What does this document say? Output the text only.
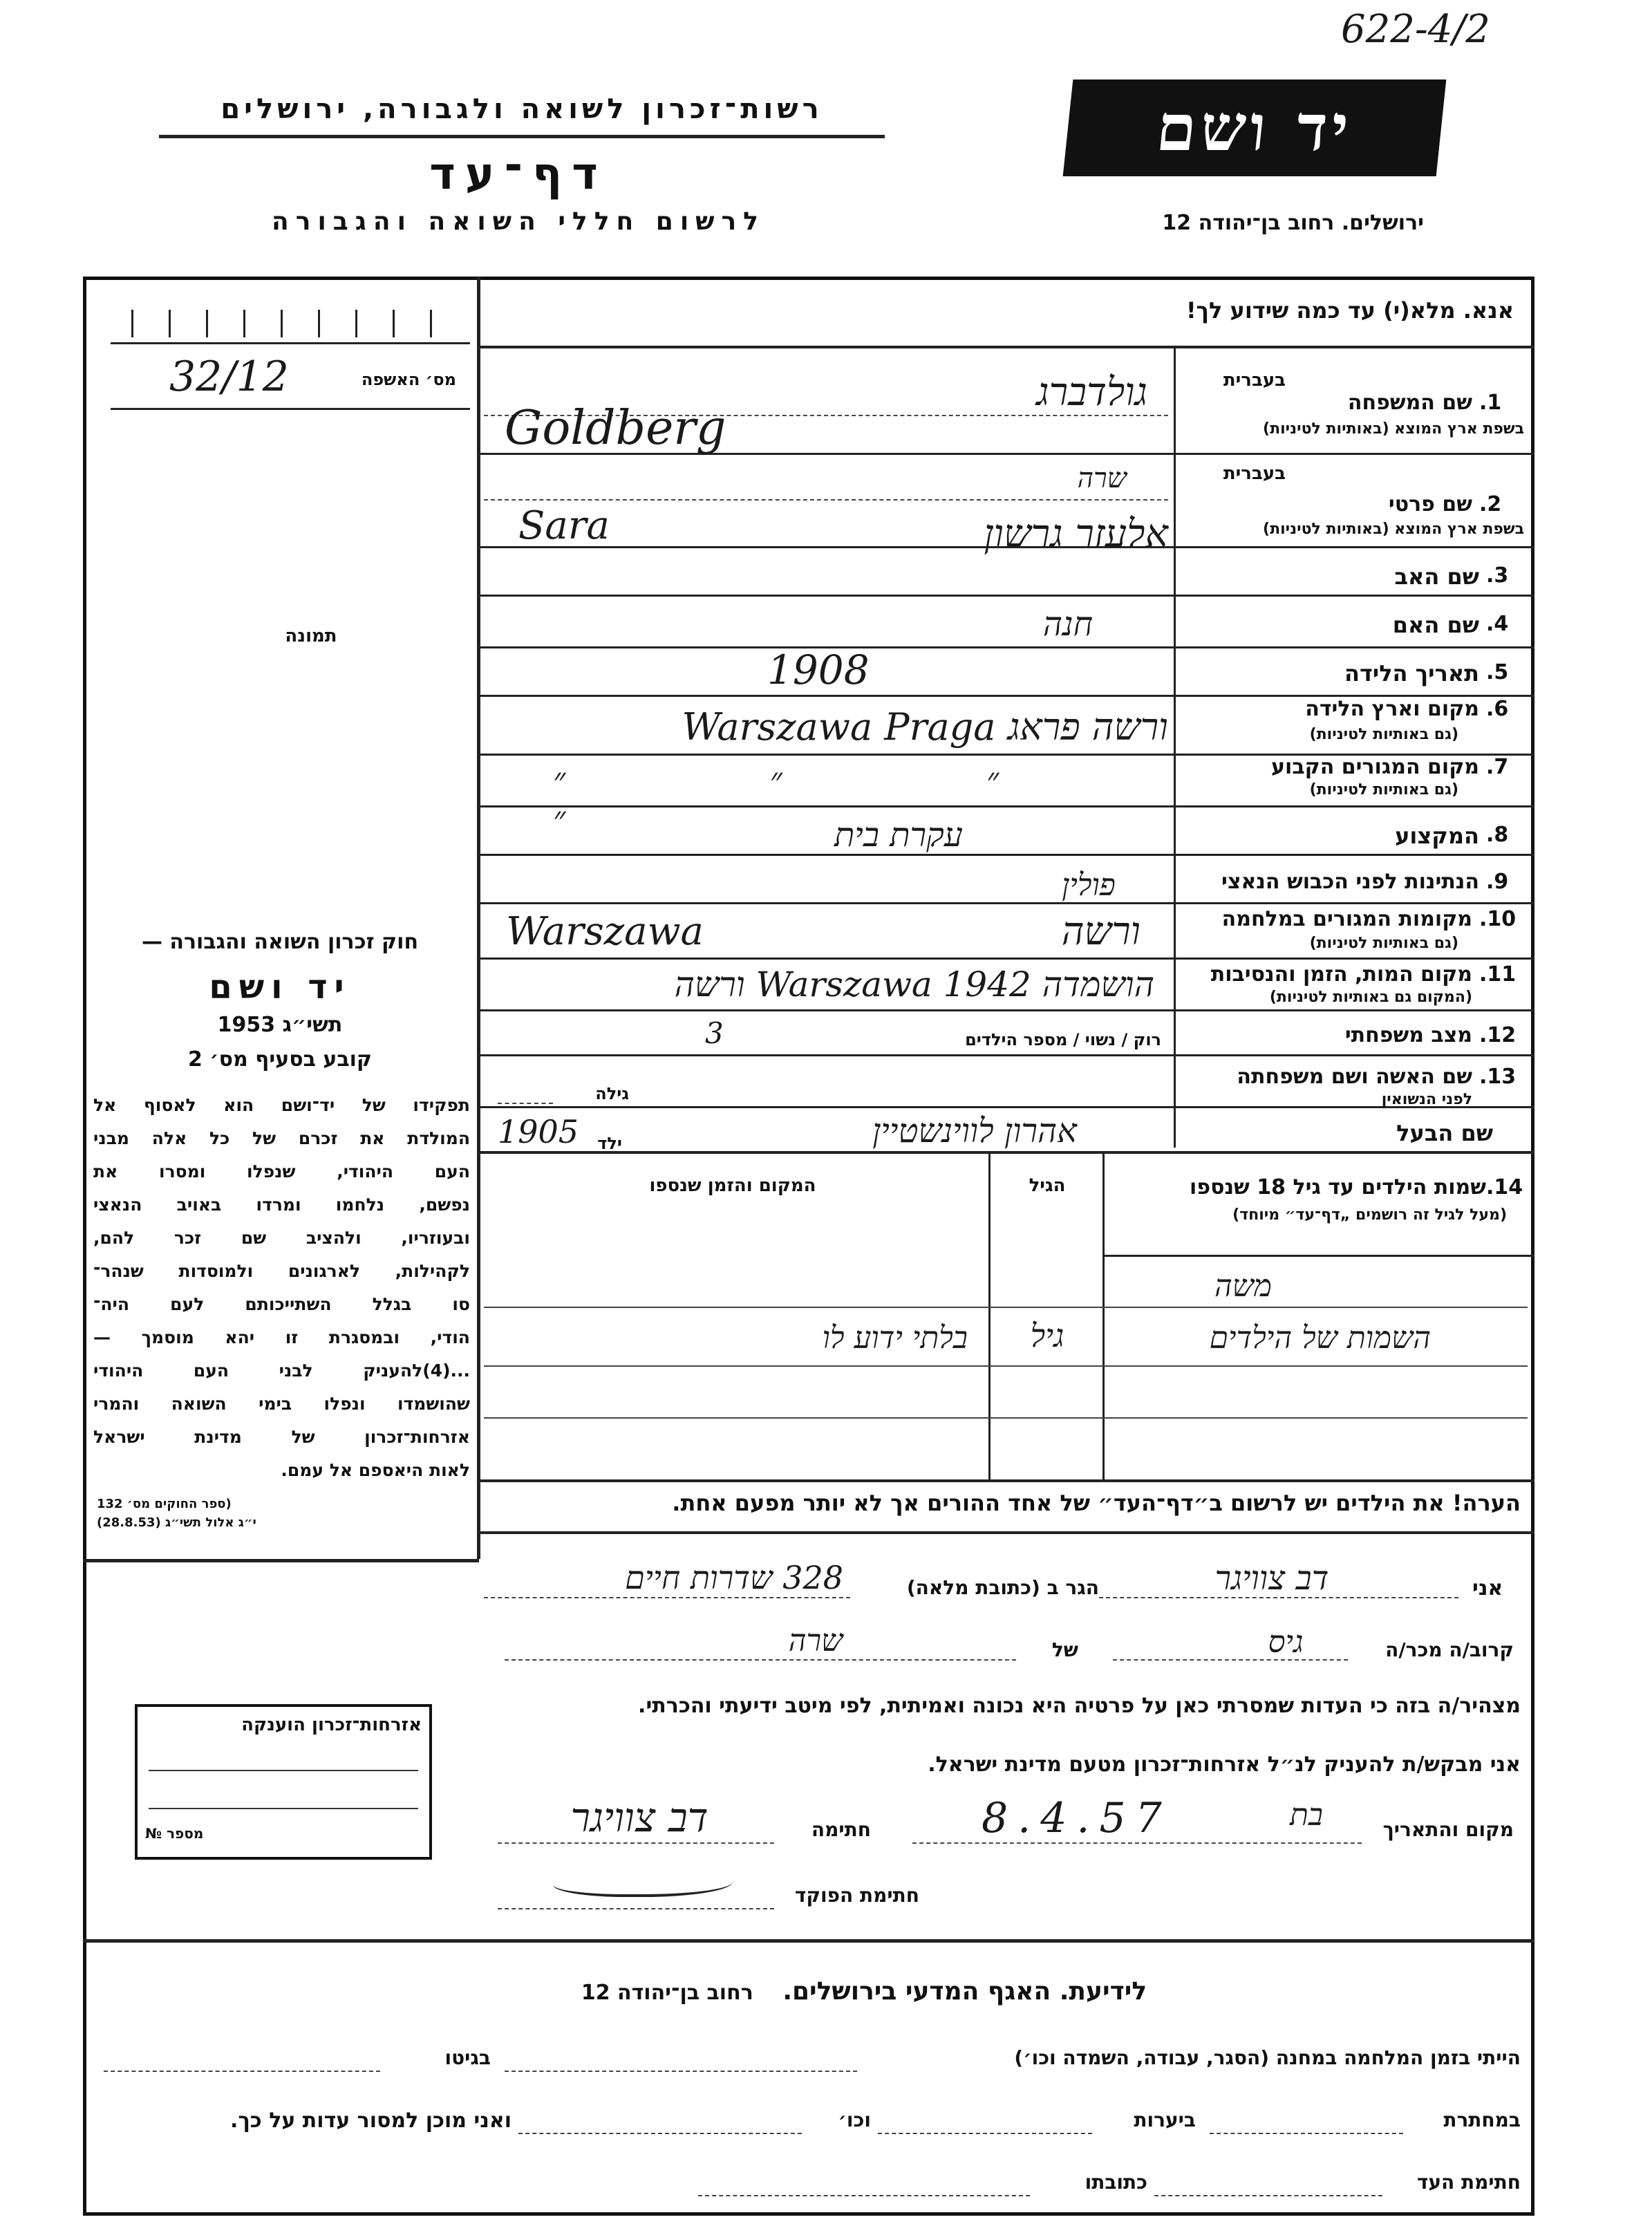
622-4/2
רשות־זכרון לשואה ולגבורה, ירושלים
דף־עד
לרשום חללי השואה והגבורה
יד ושם
ירושלים. רחוב בן־יהודה 12
אנא. מלא(י) עד כמה שידוע לך!
מס׳ האשפה
32/12
תמונה
בעברית
1.
שם המשפחה
בשפת ארץ המוצא (באותיות לטיניות)
גולדברג
Goldberg
בעברית
2.
שם פרטי
בשפת ארץ המוצא (באותיות לטיניות)
שרה
Sara
3.
שם האב
אלעזר גרשון
4.
שם האם
חנה
5.
תאריך הלידה
1908
6.
מקום וארץ הלידה
(גם באותיות לטיניות)
ורשה פראג Warszawa Praga
7.
מקום המגורים הקבוע
(גם באותיות לטיניות)
״ ״ ״ ״	8.
המקצוע
עקרת בית
9.
הנתינות לפני הכבוש הנאצי
פולין
10.
מקומות המגורים במלחמה
(גם באותיות לטיניות)
ורשה Warszawa
11.
מקום המות, הזמן והנסיבות
(המקום גם באותיות לטיניות)
הושמדה Warszawa 1942 ורשה
12.
מצב משפחתי
רוק / נשוי / מספר הילדים
3
13.
שם האשה ושם משפחתה
לפני הנשואין
גילה
שם הבעל
אהרון לווינשטיין
ילד
1905
14.
שמות הילדים עד גיל 18 שנספו
(מעל לגיל זה רושמים „דף־עד״ מיוחד)
הגיל
המקום והזמן שנספו
משה
השמות של הילדים
גיל
בלתי ידוע לו
הערה! את הילדים יש לרשום ב״דף־העד״ של אחד ההורים אך לא יותר מפעם אחת.
חוק זכרון השואה והגבורה —
יד ושם
תשי״ג 1953
קובע בסעיף מס׳ 2
תפקידו של יד־ושם הוא לאסוף אל
המולדת את זכרם של כל אלה מבני
העם היהודי, שנפלו ומסרו את
נפשם, נלחמו ומרדו באויב הנאצי
ובעוזריו, ולהציב שם זכר להם,
לקהילות, לארגונים ולמוסדות שנהר־
סו בגלל השתייכותם לעם היה־
הודי, ובמסגרת זו יהא מוסמך —
...(4)להעניק לבני העם היהודי
שהושמדו ונפלו בימי השואה והמרי
אזרחות־זכרון של מדינת ישראל
לאות היאספם אל עמם.
(ספר החוקים מס׳ 132
י״ג אלול תשי״ג (28.8.53)
אזרחות־זכרון הוענקה
מספר №
אני
דב צוויגר
הגר ב (כתובת מלאה)
328 שדרות חיים
קרוב/ה מכר/ה
גיס
של
שרה
מצהיר/ה בזה כי העדות שמסרתי כאן על פרטיה היא נכונה ואמיתית, לפי מיטב ידיעתי והכרתי.
אני מבקש/ת להעניק לנ״ל אזרחות־זכרון מטעם מדינת ישראל.
מקום והתאריך
בת
8.4.57
חתימה
דב צוויגר
חתימת הפוקד
לידיעת. האגף המדעי בירושלים. רחוב בן־יהודה 12
הייתי בזמן המלחמה במחנה (הסגר, עבודה, השמדה וכו׳)
בגיטו
במחתרת
ביערות
וכו׳
ואני מוכן למסור עדות על כך.
חתימת העד
כתובתו
